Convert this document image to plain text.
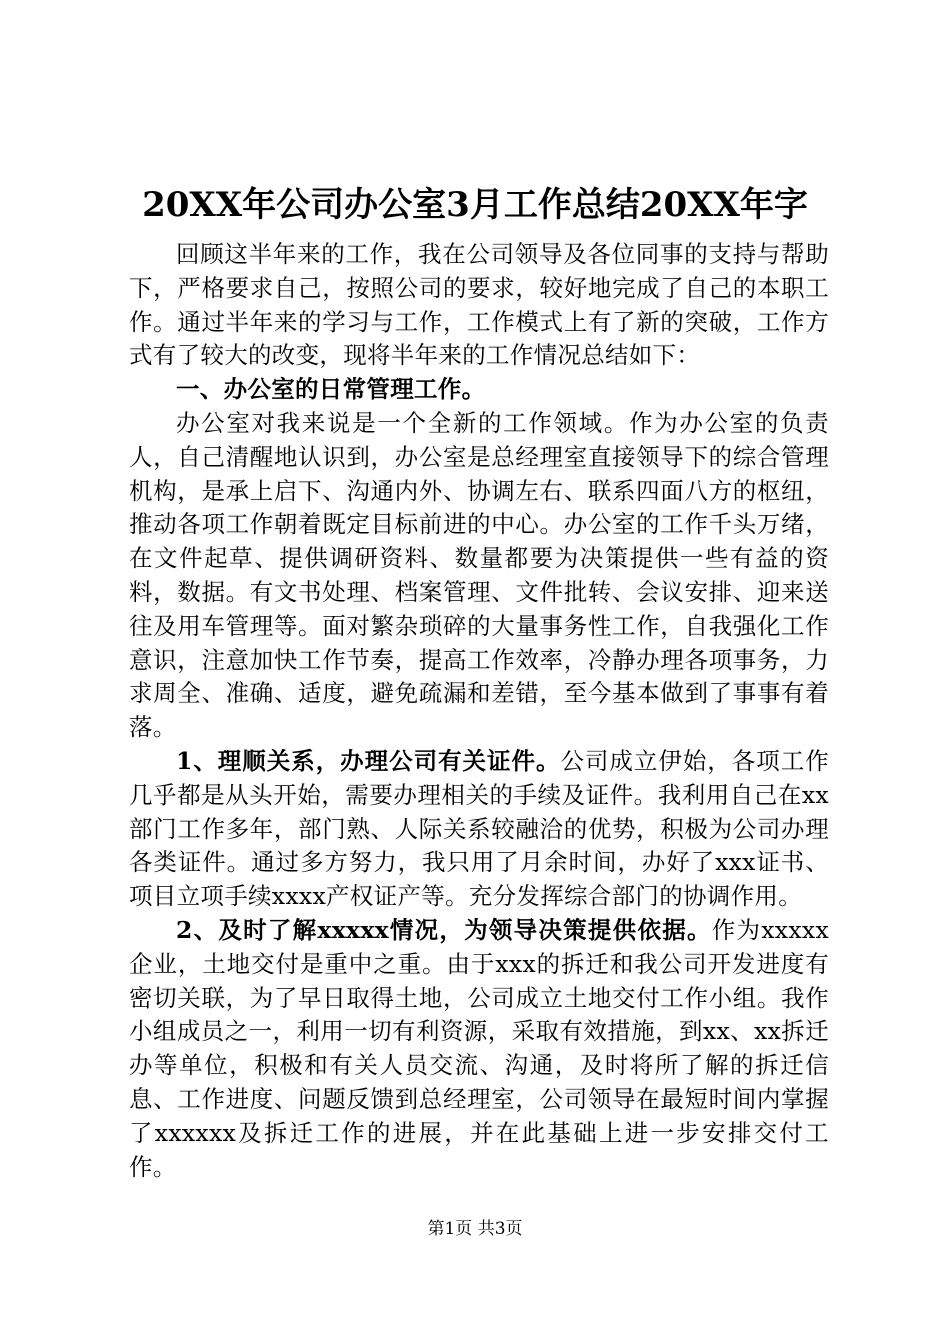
20XX年公司办公室3月工作总结20XX年字

回顾这半年来的工作，我在公司领导及各位同事的支持与帮助下，严格要求自己，按照公司的要求，较好地完成了自己的本职工作。通过半年来的学习与工作，工作模式上有了新的突破，工作方式有了较大的改变，现将半年来的工作情况总结如下：

一、办公室的日常管理工作。

办公室对我来说是一个全新的工作领域。作为办公室的负责人，自己清醒地认识到，办公室是总经理室直接领导下的综合管理机构，是承上启下、沟通内外、协调左右、联系四面八方的枢纽，推动各项工作朝着既定目标前进的中心。办公室的工作千头万绪，在文件起草、提供调研资料、数量都要为决策提供一些有益的资料，数据。有文书处理、档案管理、文件批转、会议安排、迎来送往及用车管理等。面对繁杂琐碎的大量事务性工作，自我强化工作意识，注意加快工作节奏，提高工作效率，冷静办理各项事务，力求周全、准确、适度，避免疏漏和差错，至今基本做到了事事有着落。

1、理顺关系，办理公司有关证件。公司成立伊始，各项工作几乎都是从头开始，需要办理相关的手续及证件。我利用自己在xx部门工作多年，部门熟、人际关系较融洽的优势，积极为公司办理各类证件。通过多方努力，我只用了月余时间，办好了xxx证书、项目立项手续xxxx产权证产等。充分发挥综合部门的协调作用。

2、及时了解xxxxx情况，为领导决策提供依据。作为xxxxx企业，土地交付是重中之重。由于xxx的拆迁和我公司开发进度有密切关联，为了早日取得土地，公司成立土地交付工作小组。我作小组成员之一，利用一切有利资源，采取有效措施，到xx、xx拆迁办等单位，积极和有关人员交流、沟通，及时将所了解的拆迁信息、工作进度、问题反馈到总经理室，公司领导在最短时间内掌握了xxxxxx及拆迁工作的进展，并在此基础上进一步安排交付工作。

第1页 共3页
